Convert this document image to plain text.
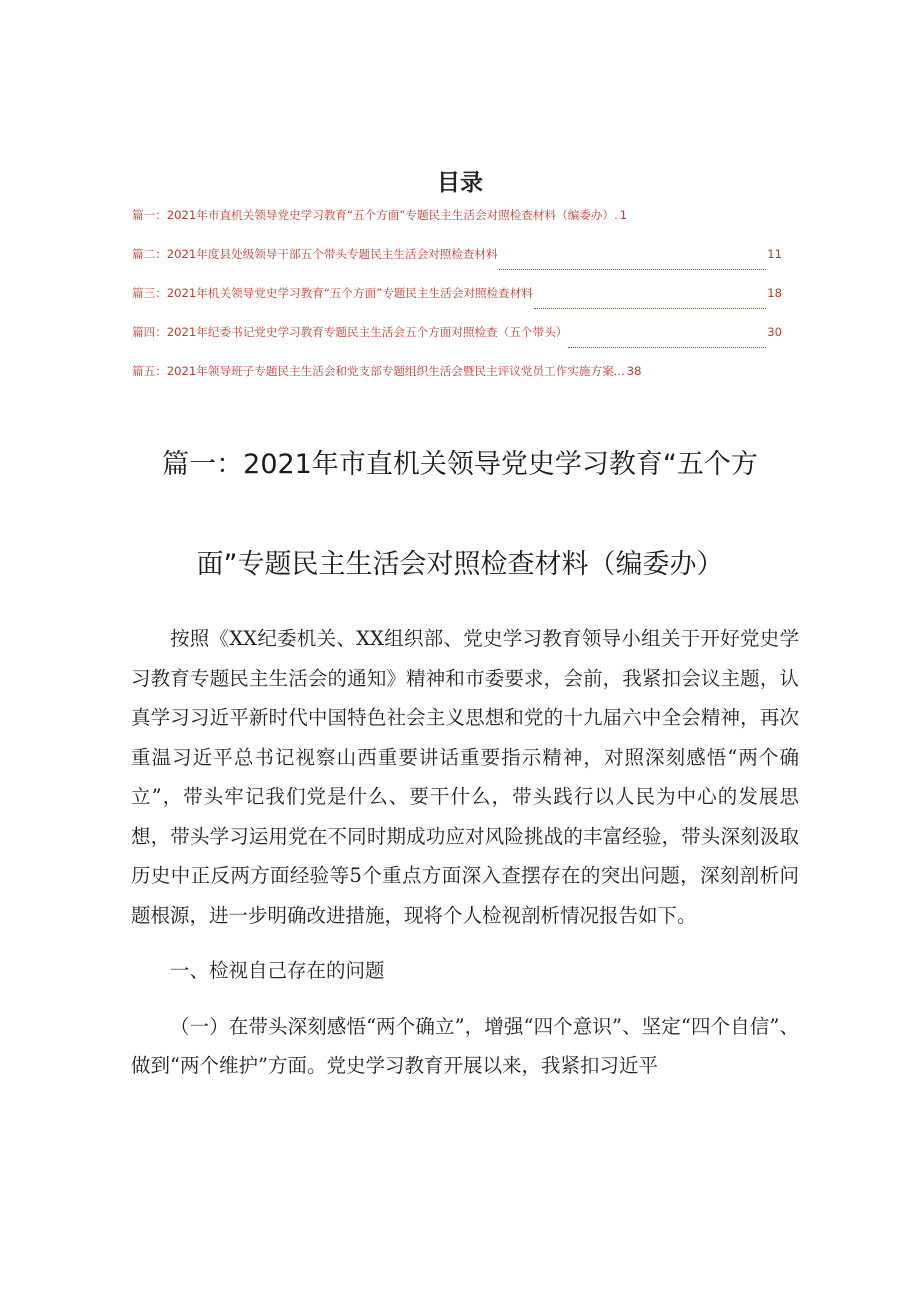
目录
篇一：2021年市直机关领导党史学习教育“五个方面”专题民主生活会对照检查材料（编委办）. 1
篇二：2021年度县处级领导干部五个带头专题民主生活会对照检查材料	11
篇三：2021年机关领导党史学习教育“五个方面”专题民主生活会对照检查材料	18
篇四：2021年纪委书记党史学习教育专题民主生活会五个方面对照检查（五个带头）	30
篇五：2021年领导班子专题民主生活会和党支部专题组织生活会暨民主评议党员工作实施方案... 38
篇一：2021年市直机关领导党史学习教育“五个方
面”专题民主生活会对照检查材料（编委办）

按照《XX纪委机关、XX组织部、党史学习教育领导小组关于开好党史学习教育专题民主生活会的通知》精神和市委要求，会前，我紧扣会议主题，认真学习习近平新时代中国特色社会主义思想和党的十九届六中全会精神，再次重温习近平总书记视察山西重要讲话重要指示精神，对照深刻感悟“两个确立”，带头牢记我们党是什么、要干什么，带头践行以人民为中心的发展思想，带头学习运用党在不同时期成功应对风险挑战的丰富经验，带头深刻汲取历史中正反两方面经验等5个重点方面深入查摆存在的突出问题，深刻剖析问题根源，进一步明确改进措施，现将个人检视剖析情况报告如下。

一、检视自己存在的问题

（一）在带头深刻感悟“两个确立”，增强“四个意识”、坚定“四个自信”、做到“两个维护”方面。党史学习教育开展以来，我紧扣习近平
